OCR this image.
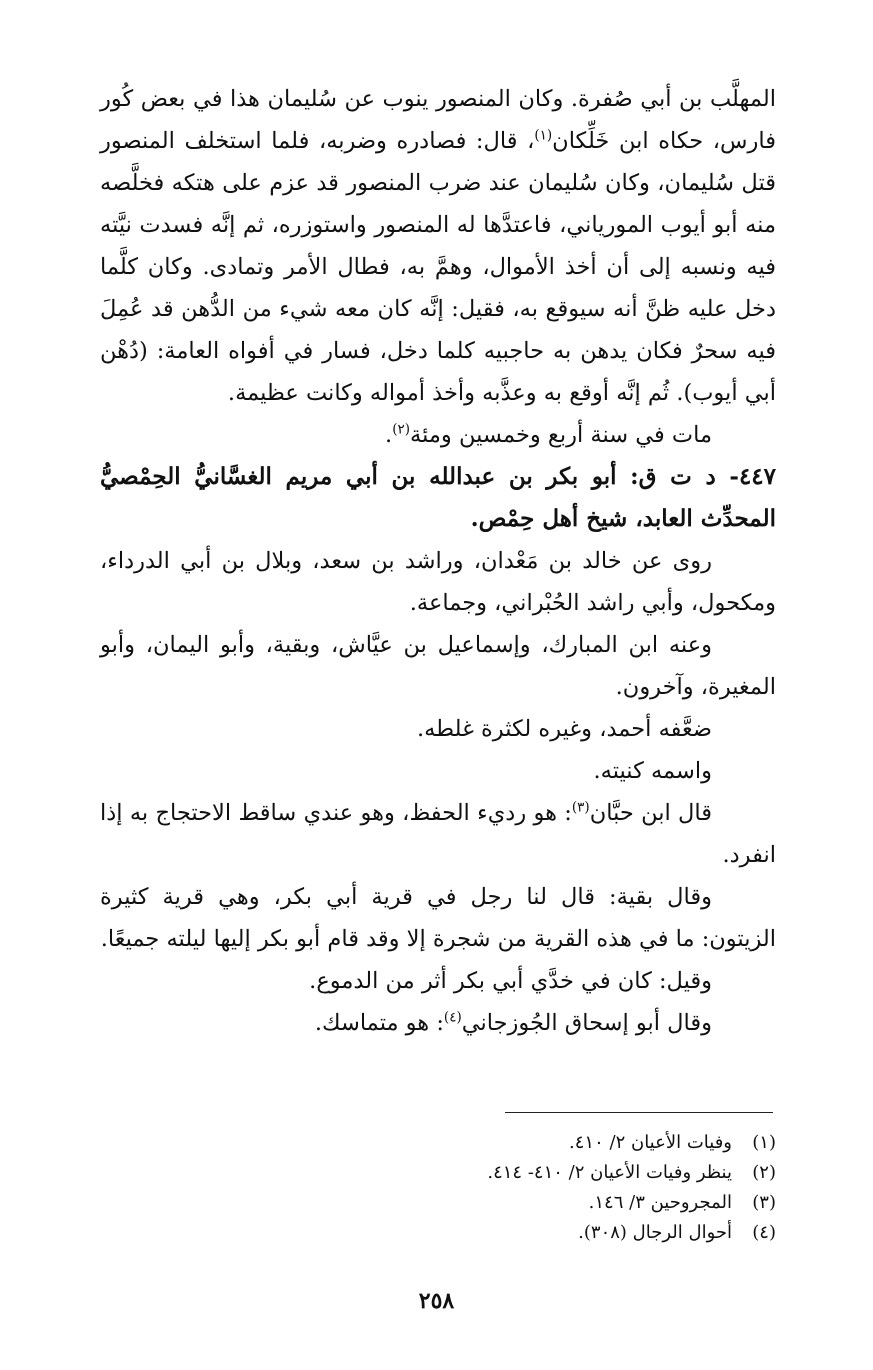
المهلَّب بن أبي صُفرة. وكان المنصور ينوب عن سُليمان هذا في بعض كُور فارس، حكاه ابن خَلِّكان$^{(١)}$، قال: فصادره وضربه، فلما استخلف المنصور قتل سُليمان، وكان سُليمان عند ضرب المنصور قد عزم على هتكه فخلَّصه منه أبو أيوب المورياني، فاعتدَّها له المنصور واستوزره، ثم إنَّه فسدت نيَّته فيه ونسبه إلى أن أخذ الأموال، وهمَّ به، فطال الأمر وتمادى. وكان كلَّما دخل عليه ظنَّ أنه سيوقع به، فقيل: إنَّه كان معه شيء من الدُّهن قد عُمِلَ فيه سحرٌ فكان يدهن به حاجبيه كلما دخل، فسار في أفواه العامة: (دُهْن أبي أيوب). ثُم إنَّه أوقع به وعذَّبه وأخذ أمواله وكانت عظيمة.

مات في سنة أربع وخمسين ومئة$^{(٢)}$.

٤٤٧- د ت ق: أبو بكر بن عبدالله بن أبي مريم الغسَّانيُّ الحِمْصيُّ المحدِّث العابد، شيخ أهل حِمْص.

روى عن خالد بن مَعْدان، وراشد بن سعد، وبلال بن أبي الدرداء، ومكحول، وأبي راشد الحُبْراني، وجماعة.

وعنه ابن المبارك، وإسماعيل بن عيَّاش، وبقية، وأبو اليمان، وأبو المغيرة، وآخرون.

ضعَّفه أحمد، وغيره لكثرة غلطه.

واسمه كنيته.

قال ابن حبَّان$^{(٣)}$: هو رديء الحفظ، وهو عندي ساقط الاحتجاج به إذا انفرد.

وقال بقية: قال لنا رجل في قرية أبي بكر، وهي قرية كثيرة الزيتون: ما في هذه القرية من شجرة إلا وقد قام أبو بكر إليها ليلته جميعًا.

وقيل: كان في خدَّي أبي بكر أثر من الدموع.

وقال أبو إسحاق الجُوزجاني$^{(٤)}$: هو متماسك.

(١)
وفيات الأعيان ٢/ ٤١٠.
(٢)
ينظر وفيات الأعيان ٢/ ٤١٠- ٤١٤.
(٣)
المجروحين ٣/ ١٤٦.
(٤)
أحوال الرجال (٣٠٨).
٢٥٨
